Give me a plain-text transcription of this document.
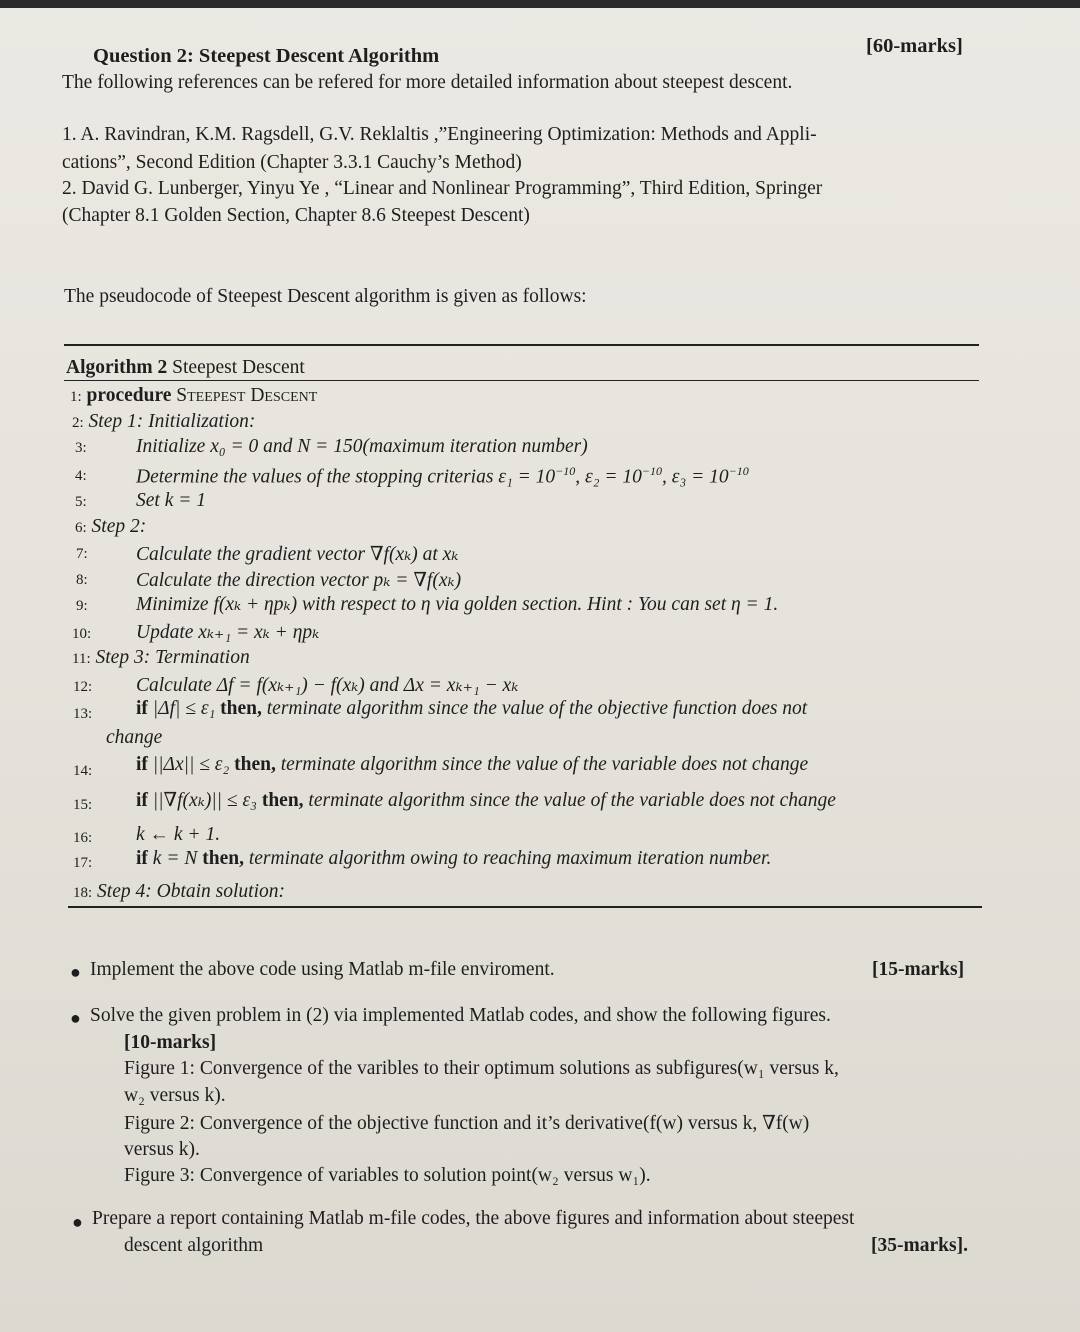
Question 2: Steepest Descent Algorithm	[60-marks]
The following references can be refered for more detailed information about steepest descent.
1. A. Ravindran, K.M. Ragsdell, G.V. Reklaltis ,”Engineering Optimization: Methods and Appli-
cations”, Second Edition (Chapter 3.3.1 Cauchy’s Method)
2. David G. Lunberger, Yinyu Ye , “Linear and Nonlinear Programming”, Third Edition, Springer
(Chapter 8.1 Golden Section, Chapter 8.6 Steepest Descent)
The pseudocode of Steepest Descent algorithm is given as follows:
Algorithm 2 Steepest Descent
1: procedure Steepest Descent
2: Step 1: Initialization:
3:	Initialize x₀ = 0 and N = 150(maximum iteration number)
4:	Determine the values of the stopping criterias $\varepsilon_1 = 10^{-10}$, $\varepsilon_2 = 10^{-10}$, $\varepsilon_3 = 10^{-10}$
5:	Set k = 1
6: Step 2:
7: Calculate the gradient vector ∇f(xₖ) at xₖ
8: Calculate the direction vector pₖ = ∇f(xₖ)
9: Minimize f(xₖ + ηpₖ) with respect to η via golden section. Hint : You can set η = 1.
10: Update xₖ₊₁ = xₖ + ηpₖ
11: Step 3: Termination
12: Calculate Δf = f(xₖ₊₁) − f(xₖ) and Δx = xₖ₊₁ − xₖ
13: if |Δf| ≤ ε₁ then, terminate algorithm since the value of the objective function does not
change
14: if ||Δx|| ≤ ε₂ then, terminate algorithm since the value of the variable does not change
15: if ||∇f(xₖ)|| ≤ ε₃ then, terminate algorithm since the value of the variable does not change
16: k ← k + 1.
17: if k = N then, terminate algorithm owing to reaching maximum iteration number.
18: Step 4: Obtain solution:
● Implement the above code using Matlab m-file enviroment.	[15-marks]
● Solve the given problem in (2) via implemented Matlab codes, and show the following figures.
[10-marks]
Figure 1: Convergence of the varibles to their optimum solutions as subfigures(w₁ versus k,
w₂ versus k).
Figure 2: Convergence of the objective function and it’s derivative(f(w) versus k, ∇f(w)
versus k).
Figure 3: Convergence of variables to solution point(w₂ versus w₁).
● Prepare a report containing Matlab m-file codes, the above figures and information about steepest
descent algorithm	[35-marks].
